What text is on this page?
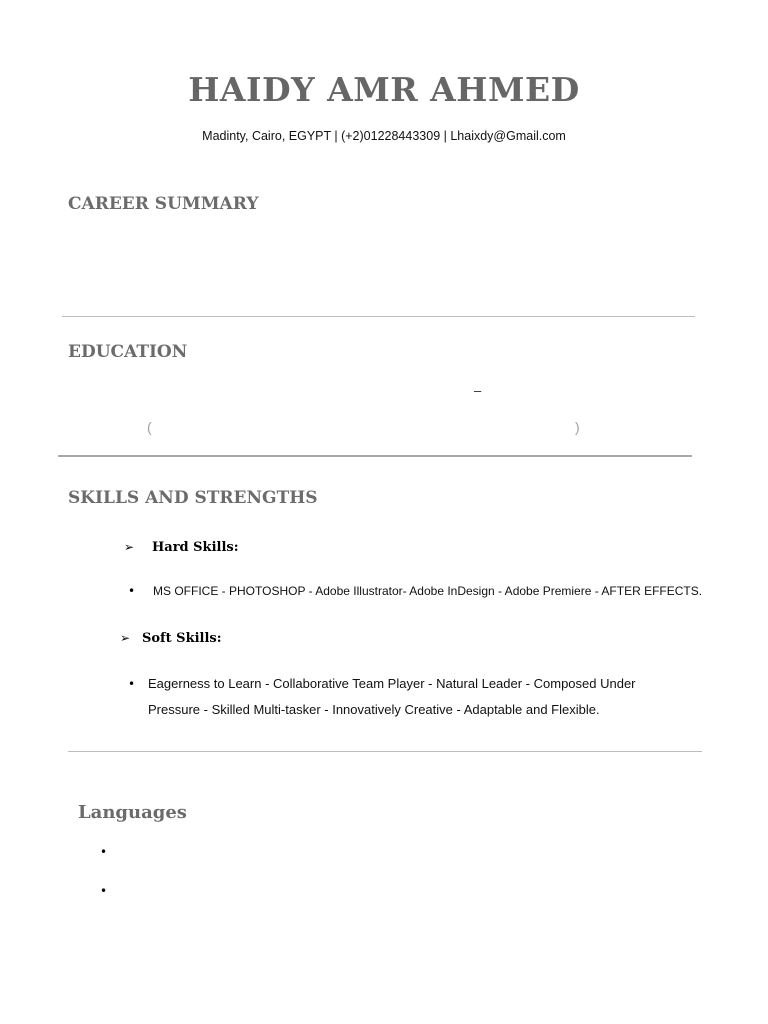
HAIDY AMR AHMED
Madinty, Cairo, EGYPT | (+2)01228443309 | Lhaixdy@Gmail.com
CAREER SUMMARY
EDUCATION
–
(	)
SKILLS AND STRENGTHS
➢ Hard Skills:
• MS OFFICE - PHOTOSHOP - Adobe Illustrator- Adobe InDesign - Adobe Premiere - AFTER EFFECTS.
➢ Soft Skills:
• Eagerness to Learn - Collaborative Team Player - Natural Leader - Composed Under Pressure - Skilled Multi-tasker - Innovatively Creative - Adaptable and Flexible.
Languages
•
•
